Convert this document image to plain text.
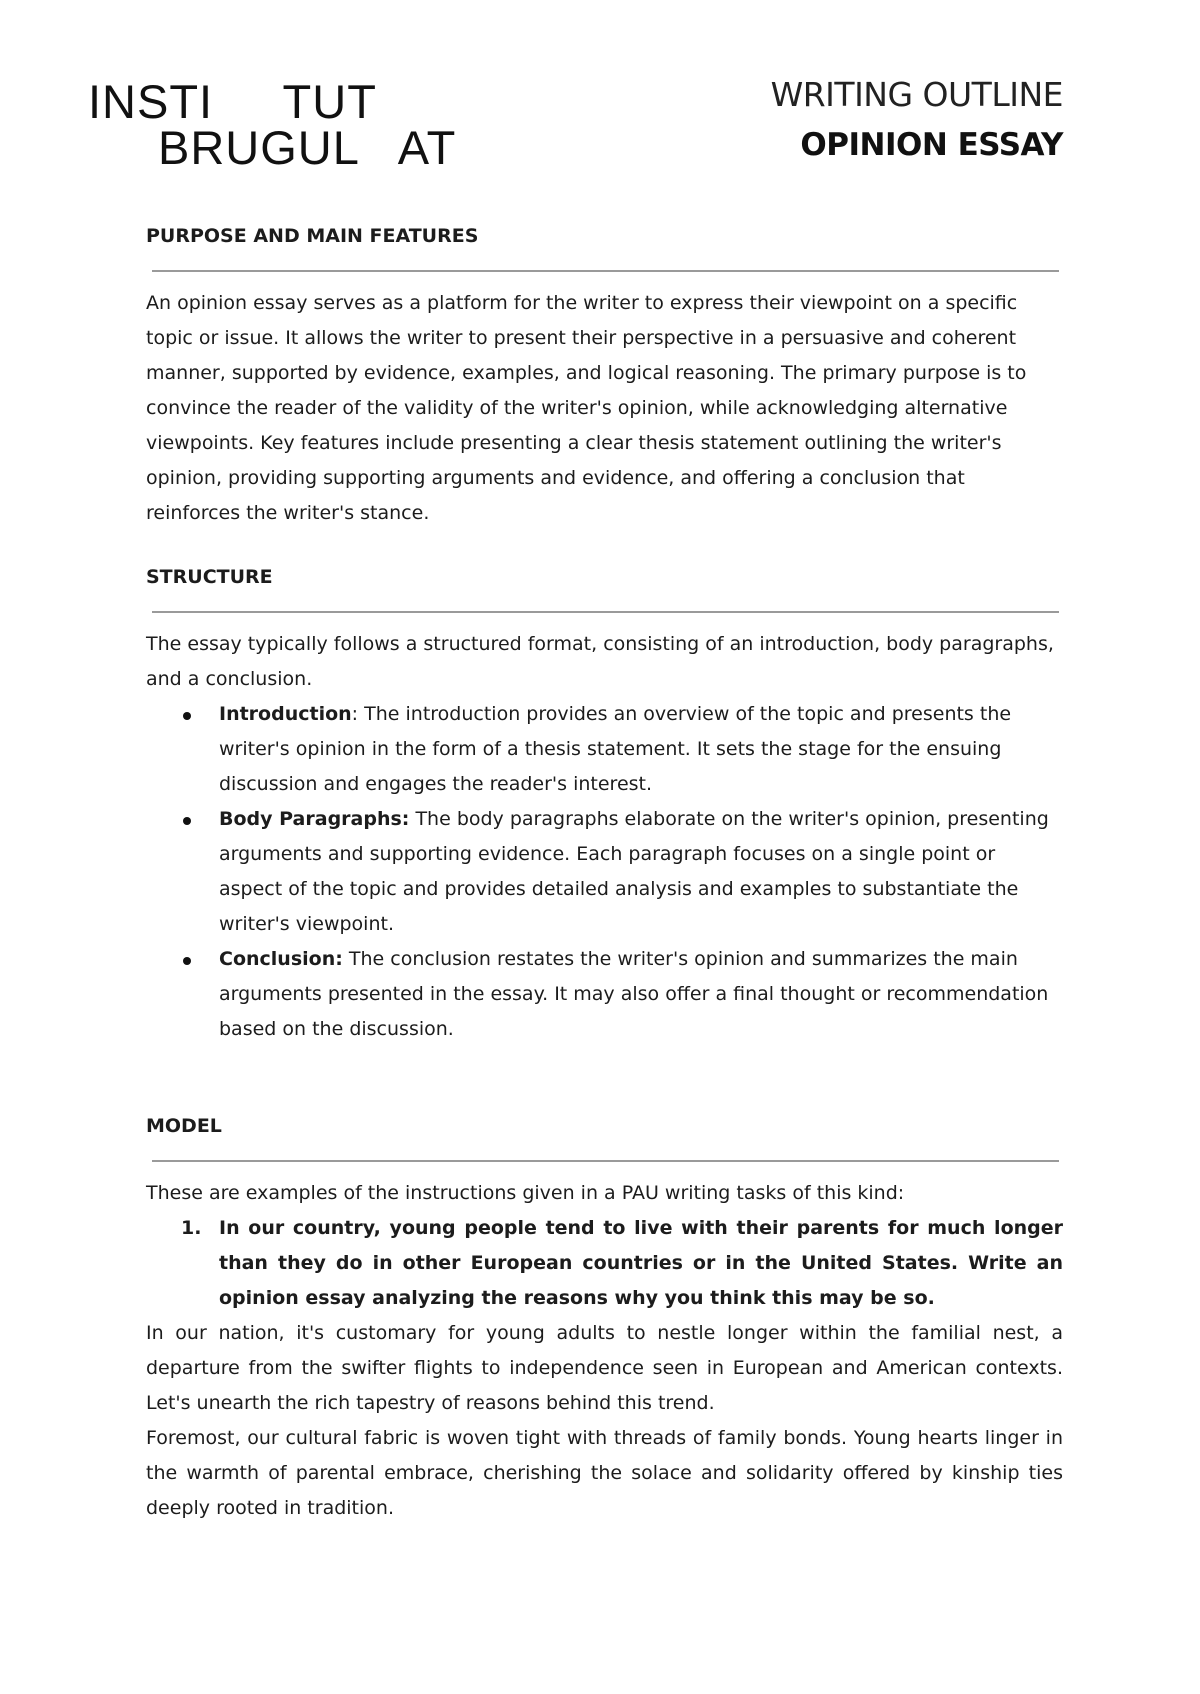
INSTI     TUT
BRUGUL   AT
WRITING OUTLINE
OPINION ESSAY
PURPOSE AND MAIN FEATURES

An opinion essay serves as a platform for the writer to express their viewpoint on a specific topic or issue. It allows the writer to present their perspective in a persuasive and coherent manner, supported by evidence, examples, and logical reasoning. The primary purpose is to convince the reader of the validity of the writer's opinion, while acknowledging alternative viewpoints. Key features include presenting a clear thesis statement outlining the writer's opinion, providing supporting arguments and evidence, and offering a conclusion that reinforces the writer's stance.

STRUCTURE

The essay typically follows a structured format, consisting of an introduction, body paragraphs, and a conclusion.

Introduction: The introduction provides an overview of the topic and presents the writer's opinion in the form of a thesis statement. It sets the stage for the ensuing discussion and engages the reader's interest.
Body Paragraphs: The body paragraphs elaborate on the writer's opinion, presenting arguments and supporting evidence. Each paragraph focuses on a single point or aspect of the topic and provides detailed analysis and examples to substantiate the writer's viewpoint.
Conclusion: The conclusion restates the writer's opinion and summarizes the main arguments presented in the essay. It may also offer a final thought or recommendation based on the discussion.
MODEL

These are examples of the instructions given in a PAU writing tasks of this kind:

1. In our country, young people tend to live with their parents for much longer than they do in other European countries or in the United States. Write an opinion essay analyzing the reasons why you think this may be so.

In our nation, it's customary for young adults to nestle longer within the familial nest, a departure from the swifter flights to independence seen in European and American contexts. Let's unearth the rich tapestry of reasons behind this trend.

Foremost, our cultural fabric is woven tight with threads of family bonds. Young hearts linger in the warmth of parental embrace, cherishing the solace and solidarity offered by kinship ties deeply rooted in tradition.
